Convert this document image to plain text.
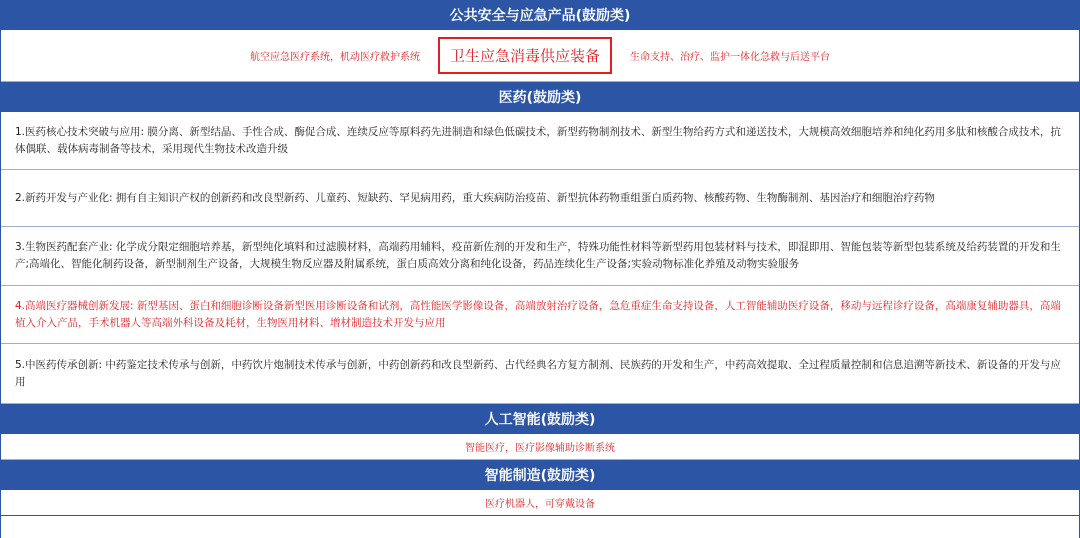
公共安全与应急产品(鼓励类)
航空应急医疗系统，机动医疗救护系统	卫生应急消毒供应装备	生命支持、治疗、监护一体化急救与后送平台
医药(鼓励类)
1.医药核心技术突破与应用: 膜分离、新型结晶、手性合成、酶促合成、连续反应等原料药先进制造和绿色低碳技术，新型药物制剂技术、新型生物给药方式和递送技术，大规模高效细胞培养和纯化药用多肽和核酸合成技术，抗体偶联、载体病毒制备等技术，采用现代生物技术改造升级
2.新药开发与产业化: 拥有自主知识产权的创新药和改良型新药、儿童药、短缺药、罕见病用药，重大疾病防治疫苗、新型抗体药物重组蛋白质药物、核酸药物、生物酶制剂、基因治疗和细胞治疗药物
3.生物医药配套产业: 化学成分限定细胞培养基，新型纯化填料和过滤膜材料，高端药用辅料，疫苗新佐剂的开发和生产，特殊功能性材料等新型药用包装材料与技术，即混即用、智能包装等新型包装系统及给药装置的开发和生产;高端化、智能化制药设备，新型制剂生产设备，大规模生物反应器及附属系统，蛋白质高效分离和纯化设备，药品连续化生产设备;实验动物标准化养殖及动物实验服务
4.高端医疗器械创新发展: 新型基因、蛋白和细胞诊断设备新型医用诊断设备和试剂，高性能医学影像设备，高端放射治疗设备，急危重症生命支持设备，人工智能辅助医疗设备，移动与远程诊疗设备，高端康复辅助器具，高端植入介入产品，手术机器人等高端外科设备及耗材，生物医用材料、增材制造技术开发与应用
5.中医药传承创新: 中药鉴定技术传承与创新，中药饮片炮制技术传承与创新，中药创新药和改良型新药、古代经典名方复方制剂、民族药的开发和生产，中药高效提取、全过程质量控制和信息追溯等新技术、新设备的开发与应用
人工智能(鼓励类)
智能医疗，医疗影像辅助诊断系统
智能制造(鼓励类)
医疗机器人，可穿戴设备
